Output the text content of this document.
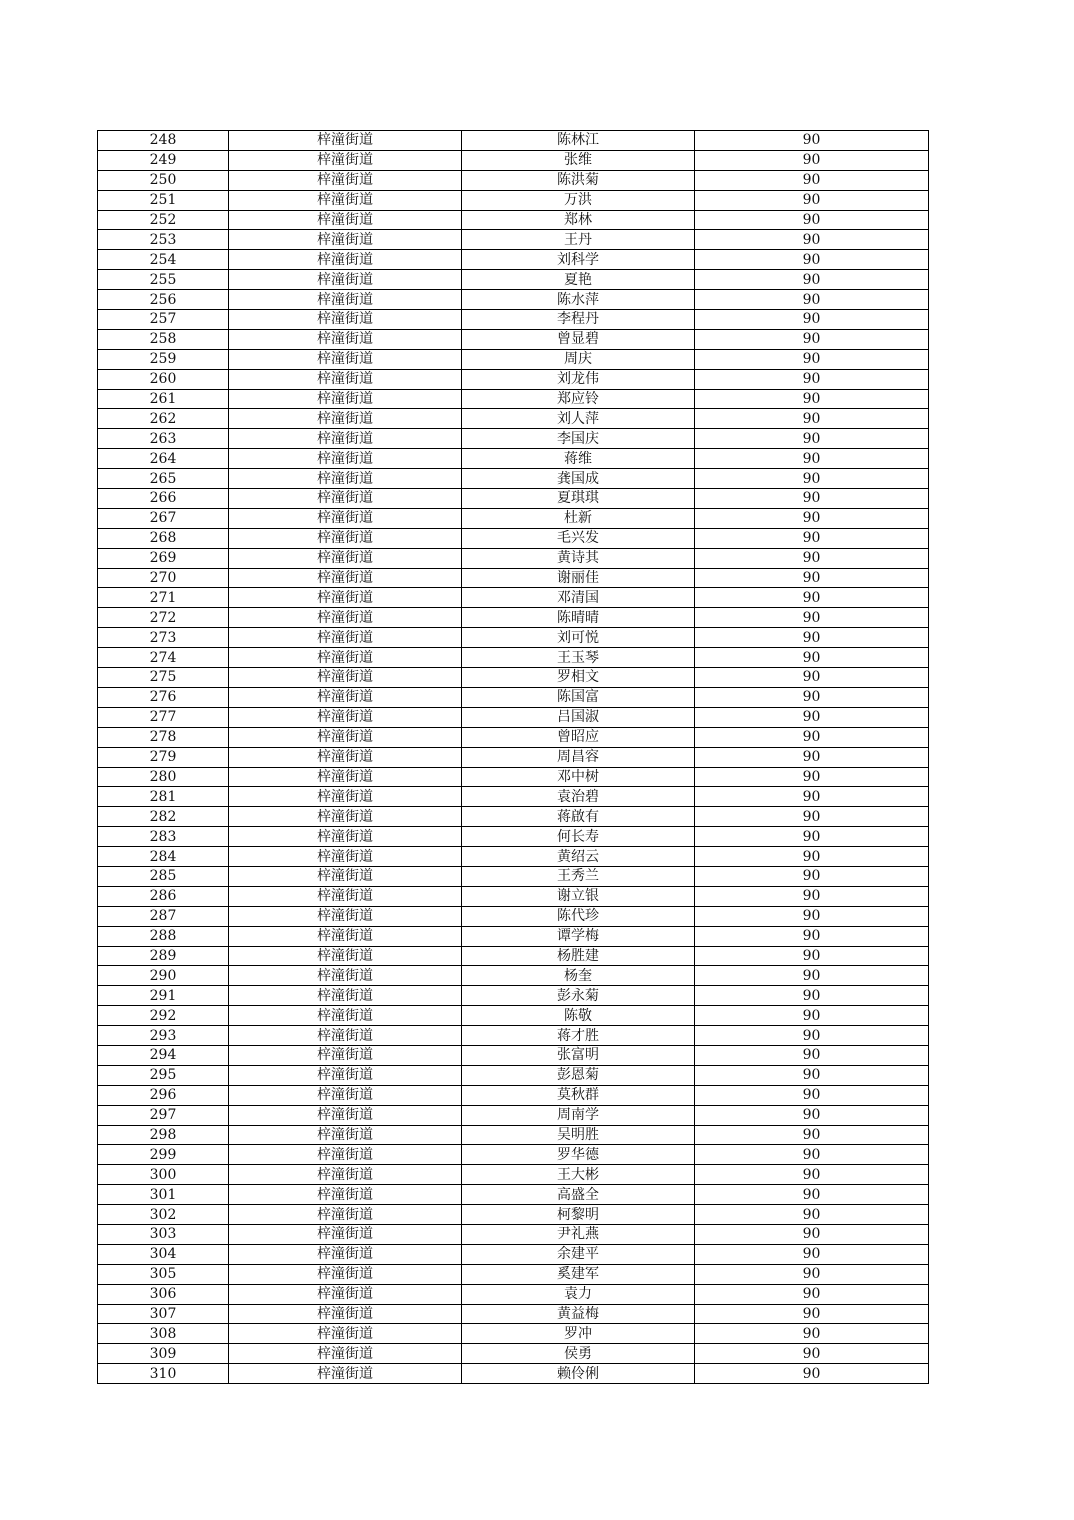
248	梓潼街道	陈林江	90
249	梓潼街道	张维	90
250	梓潼街道	陈洪菊	90
251	梓潼街道	万洪	90
252	梓潼街道	郑林	90
253	梓潼街道	王丹	90
254	梓潼街道	刘科学	90
255	梓潼街道	夏艳	90
256	梓潼街道	陈水萍	90
257	梓潼街道	李程丹	90
258	梓潼街道	曾显碧	90
259	梓潼街道	周庆	90
260	梓潼街道	刘龙伟	90
261	梓潼街道	郑应铃	90
262	梓潼街道	刘人萍	90
263	梓潼街道	李国庆	90
264	梓潼街道	蒋维	90
265	梓潼街道	龚国成	90
266	梓潼街道	夏琪琪	90
267	梓潼街道	杜新	90
268	梓潼街道	毛兴发	90
269	梓潼街道	黄诗其	90
270	梓潼街道	谢丽佳	90
271	梓潼街道	邓清国	90
272	梓潼街道	陈晴晴	90
273	梓潼街道	刘可悦	90
274	梓潼街道	王玉琴	90
275	梓潼街道	罗相文	90
276	梓潼街道	陈国富	90
277	梓潼街道	吕国淑	90
278	梓潼街道	曾昭应	90
279	梓潼街道	周昌容	90
280	梓潼街道	邓中树	90
281	梓潼街道	袁治碧	90
282	梓潼街道	蒋啟有	90
283	梓潼街道	何长寿	90
284	梓潼街道	黄绍云	90
285	梓潼街道	王秀兰	90
286	梓潼街道	谢立银	90
287	梓潼街道	陈代珍	90
288	梓潼街道	谭学梅	90
289	梓潼街道	杨胜建	90
290	梓潼街道	杨奎	90
291	梓潼街道	彭永菊	90
292	梓潼街道	陈敬	90
293	梓潼街道	蒋才胜	90
294	梓潼街道	张富明	90
295	梓潼街道	彭恩菊	90
296	梓潼街道	莫秋群	90
297	梓潼街道	周南学	90
298	梓潼街道	吴明胜	90
299	梓潼街道	罗华德	90
300	梓潼街道	王大彬	90
301	梓潼街道	高盛全	90
302	梓潼街道	柯黎明	90
303	梓潼街道	尹礼燕	90
304	梓潼街道	余建平	90
305	梓潼街道	奚建军	90
306	梓潼街道	袁力	90
307	梓潼街道	黄益梅	90
308	梓潼街道	罗冲	90
309	梓潼街道	侯勇	90
310	梓潼街道	赖伶俐	90
